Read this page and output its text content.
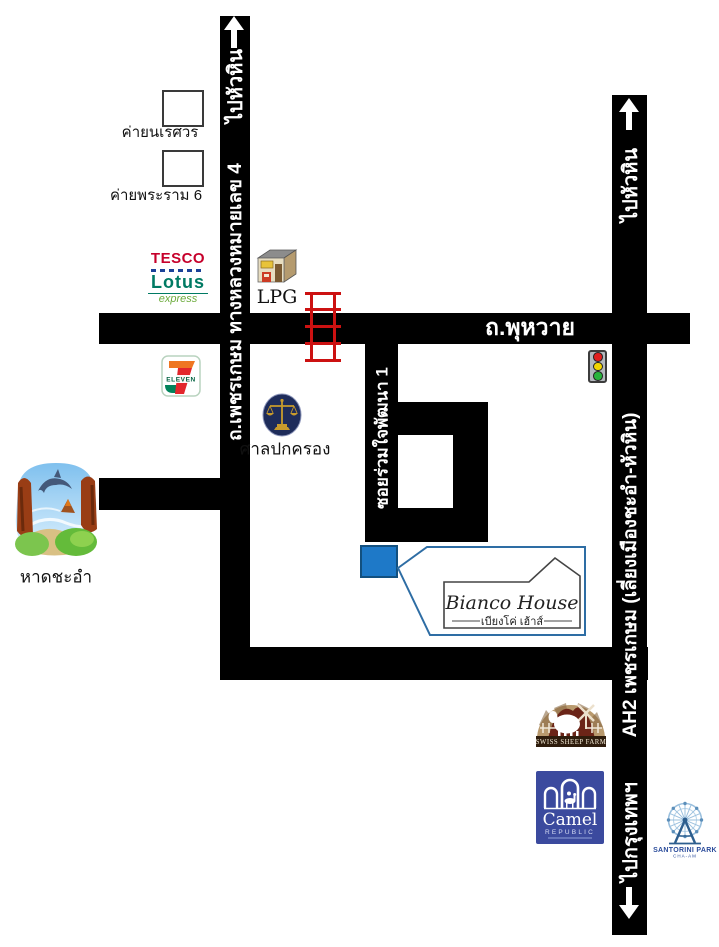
ไปหัวหิน
ถ.เพชรเกษม ทางหลวงหมายเลข 4	ถ.พุหวาย
ไปหัวหิน
AH2 เพชรเกษม (เลี่ยงเมืองชะอำ-หัวหิน)
ไปกรุงเทพฯ
ซอยร่วมใจพัฒนา 1
ค่ายนเรศวร
ค่ายพระราม 6
TESCO
Lotus
express	LPG
ELEVEN
ศาลปกครอง
หาดชะอำ
Bianco House
เบียงโค่ เฮ้าส์
SWISS SHEEP FARM
Camel
REPUBLIC
SANTORINI PARK
CHA-AM
